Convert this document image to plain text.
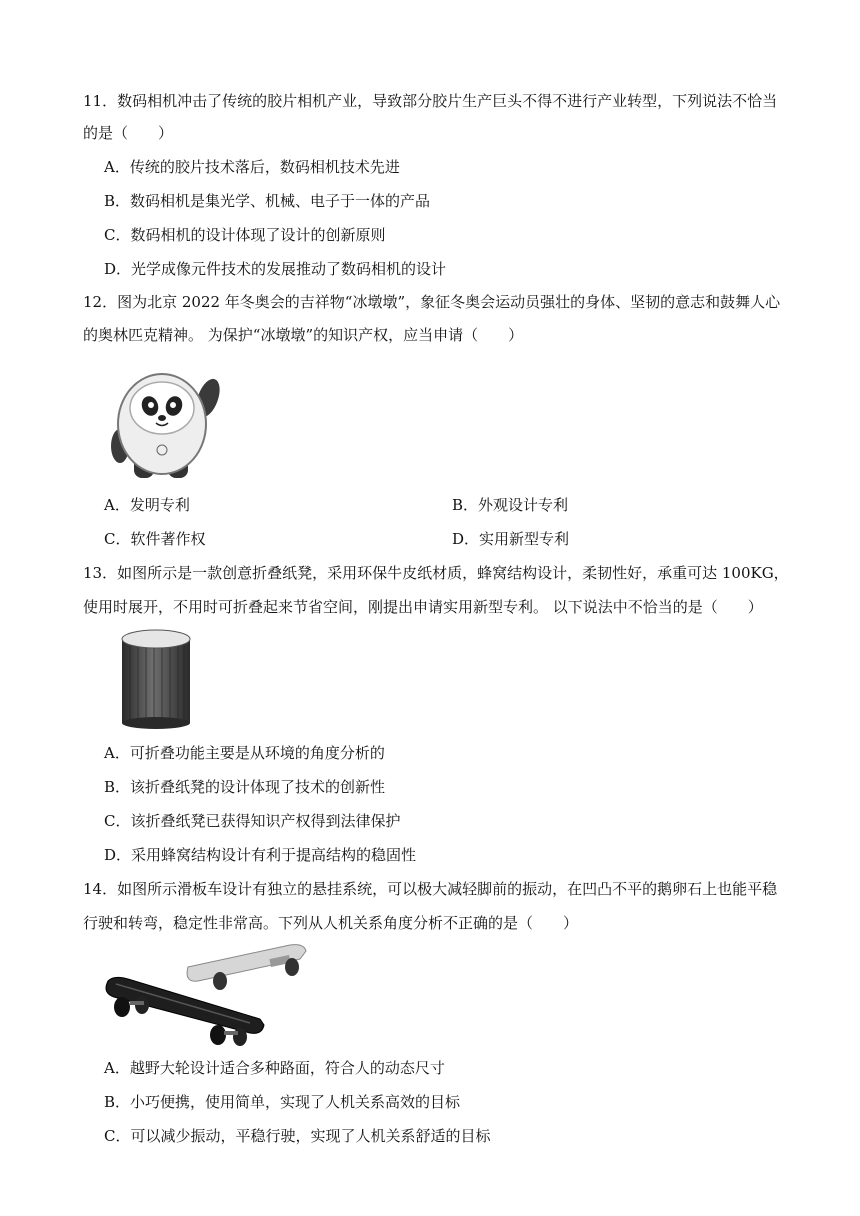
11．数码相机冲击了传统的胶片相机产业，导致部分胶片生产巨头不得不进行产业转型，下列说法不恰当
的是（　　）
A．传统的胶片技术落后，数码相机技术先进
B．数码相机是集光学、机械、电子于一体的产品
C．数码相机的设计体现了设计的创新原则
D．光学成像元件技术的发展推动了数码相机的设计
12．图为北京 2022 年冬奥会的吉祥物“冰墩墩”，象征冬奥会运动员强壮的身体、坚韧的意志和鼓舞人心
的奥林匹克精神。 为保护“冰墩墩”的知识产权，应当申请（　　）
A．发明专利	B．外观设计专利
C．软件著作权	D．实用新型专利
13．如图所示是一款创意折叠纸凳，采用环保牛皮纸材质，蜂窝结构设计，柔韧性好，承重可达 100KG，
使用时展开，不用时可折叠起来节省空间，刚提出申请实用新型专利。 以下说法中不恰当的是（　　）
A．可折叠功能主要是从环境的角度分析的
B．该折叠纸凳的设计体现了技术的创新性
C．该折叠纸凳已获得知识产权得到法律保护
D．采用蜂窝结构设计有利于提高结构的稳固性
14．如图所示滑板车设计有独立的悬挂系统，可以极大减轻脚前的振动，在凹凸不平的鹅卵石上也能平稳
行驶和转弯，稳定性非常高。下列从人机关系角度分析不正确的是（　　）
A．越野大轮设计适合多种路面，符合人的动态尺寸
B．小巧便携，使用简单，实现了人机关系高效的目标
C．可以减少振动，平稳行驶，实现了人机关系舒适的目标
